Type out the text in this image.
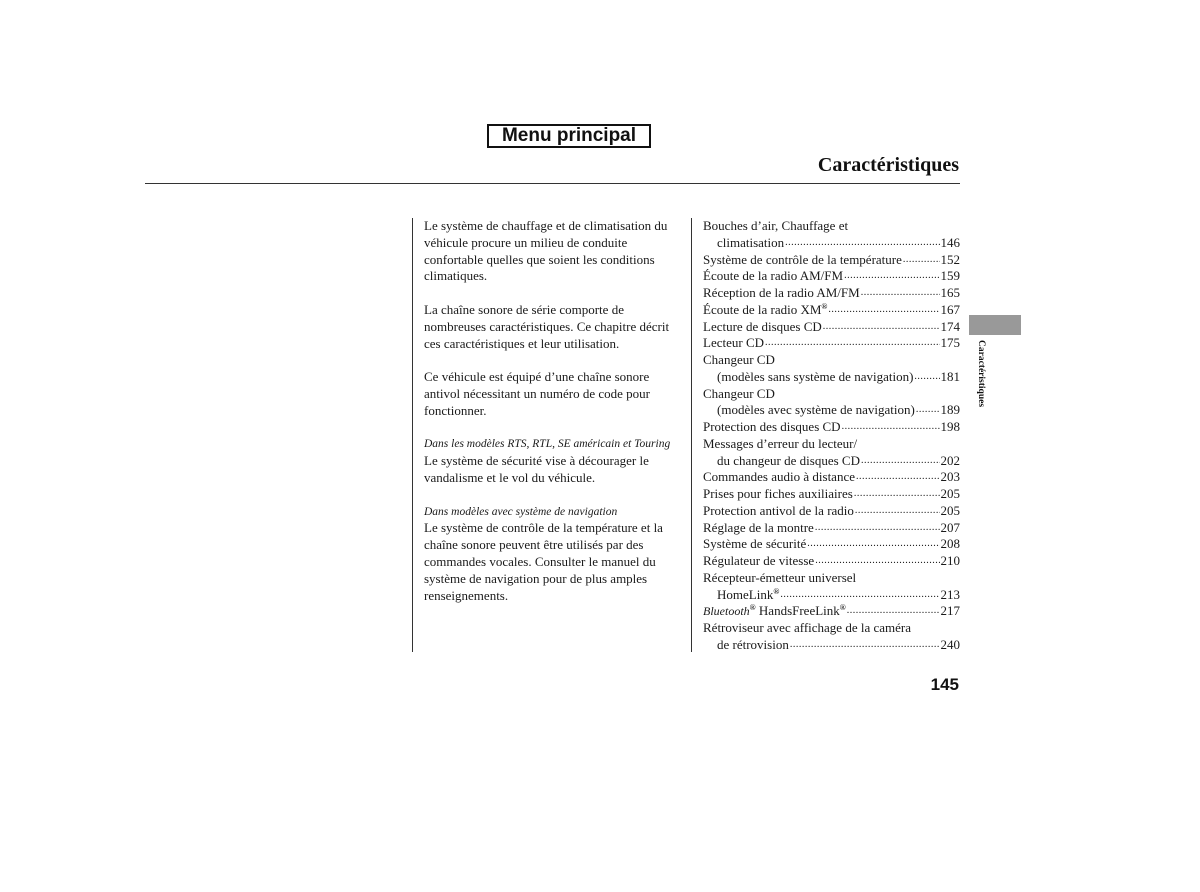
Menu principal
Caractéristiques

Le système de chauffage et de climatisation du véhicule procure un milieu de conduite confortable quelles que soient les conditions climatiques.

La chaîne sonore de série comporte de nombreuses caractéristiques. Ce chapitre décrit ces caractéristiques et leur utilisation.

Ce véhicule est équipé d’une chaîne sonore antivol nécessitant un numéro de code pour fonctionner.

Dans les modèles RTS, RTL, SE américain et Touring
Le système de sécurité vise à décourager le vandalisme et le vol du véhicule.

Dans modèles avec système de navigation
Le système de contrôle de la température et la chaîne sonore peuvent être utilisés par des commandes vocales. Consulter le manuel du système de navigation pour de plus amples renseignements.

Bouches d’air, Chauffage et
climatisation .....	146
Système de contrôle de la température .....	152
Écoute de la radio AM/FM .....	159
Réception de la radio AM/FM .....	165
Écoute de la radio XM® .....	167
Lecture de disques CD .....	174
Lecteur CD .....	175
Changeur CD
(modèles sans système de navigation) ..... 181
Changeur CD
(modèles avec système de navigation) ..... 189
Protection des disques CD .....	198
Messages d’erreur du lecteur/
du changeur de disques CD .....	202
Commandes audio à distance .....	203
Prises pour fiches auxiliaires .....	205
Protection antivol de la radio .....	205
Réglage de la montre .....	207
Système de sécurité .....	208
Régulateur de vitesse .....	210
Récepteur-émetteur universel
HomeLink® .....	213
Bluetooth® HandsFreeLink® .....	217
Rétroviseur avec affichage de la caméra
de rétrovision .....	240
Caractéristiques
145
